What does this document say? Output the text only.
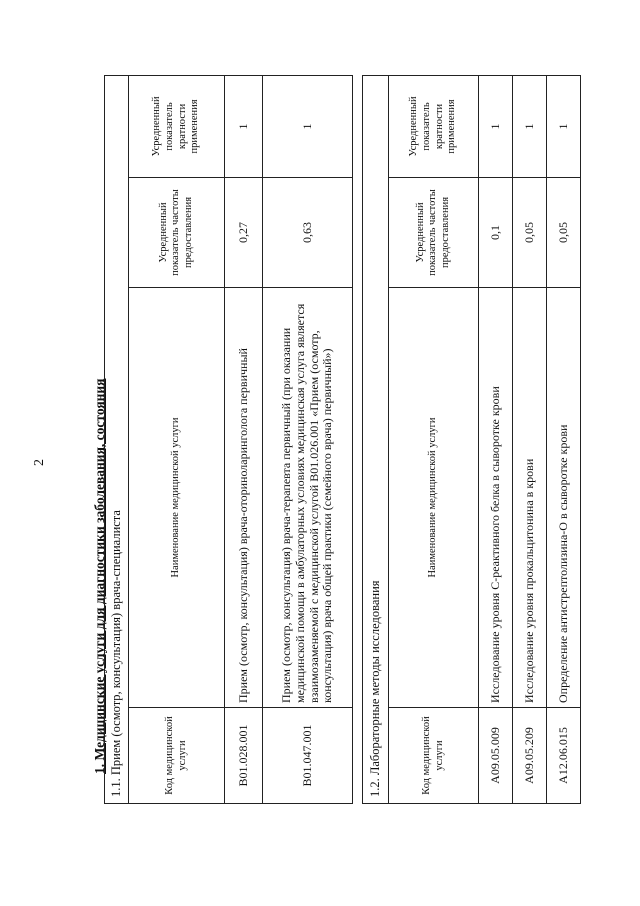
2	1. Медицинские услуги для диагностики заболевания, состояния 1.1. Прием (осмотр, консультация) врача-специалиста			
Код медицинской услуги	Наименование медицинской услуги	Усредненный показатель частоты предоставления	Усредненный показатель кратности применения
B01.028.001	Прием (осмотр, консультация) врача-оториноларинголога первичный	0,27	1
B01.047.001	Прием (осмотр, консультация) врача-терапевта первичный (при оказании медицинской помощи в амбулаторных условиях медицинская услуга является взаимозаменяемой с медицинской услугой B01.026.001 «Прием (осмотр, консультация) врача общей практики (семейного врача) первичный»)	0,63	1
1.2. Лабораторные методы исследования			
Код медицинской услуги	Наименование медицинской услуги	Усредненный показатель частоты предоставления	Усредненный показатель кратности применения
A09.05.009	Исследование уровня С-реактивного белка в сыворотке крови	0,1	1
A09.05.209	Исследование уровня прокальцитонина в крови	0,05	1
A12.06.015	Определение антистрептолизина-О в сыворотке крови	0,05	1
